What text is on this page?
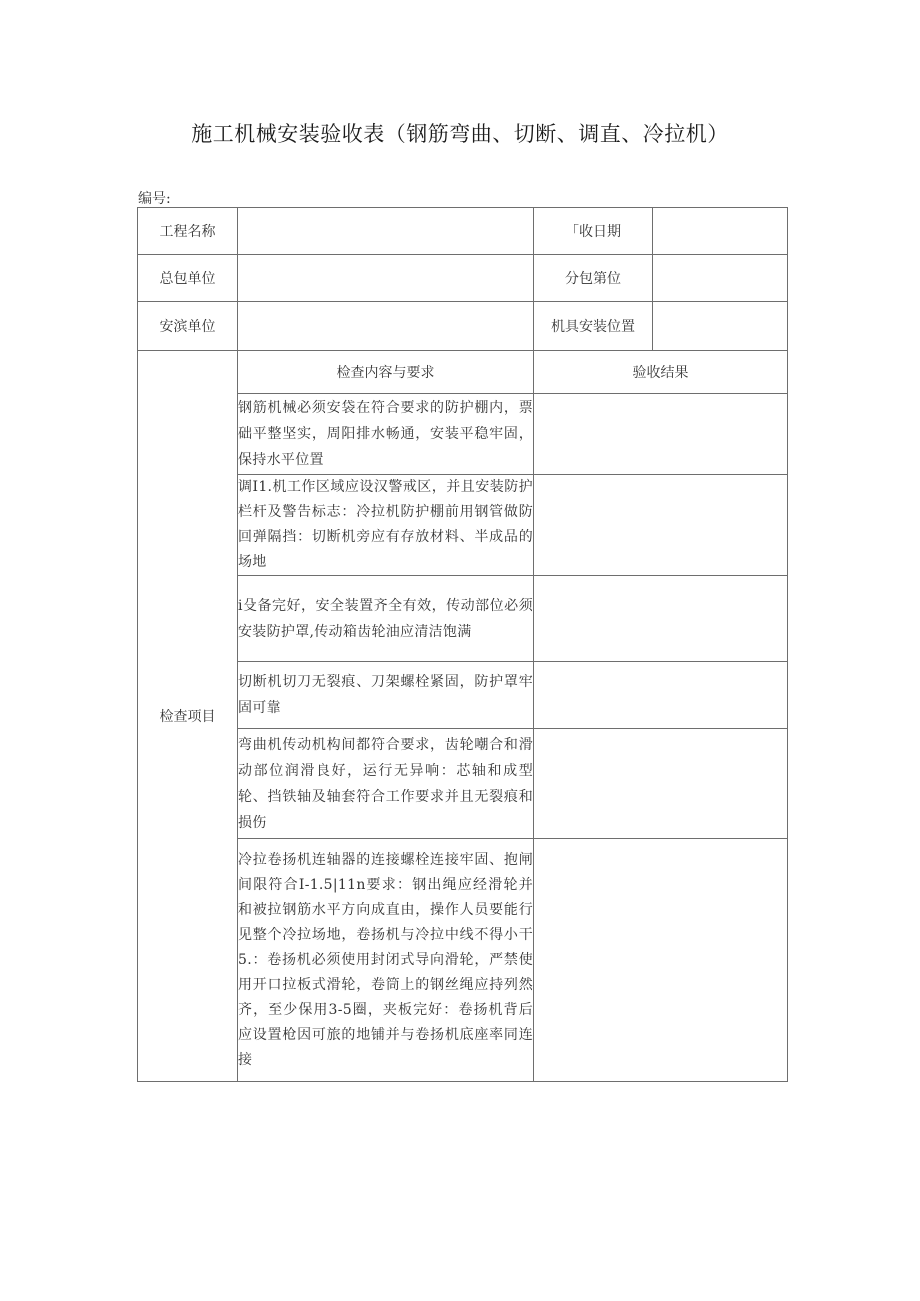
施工机械安装验收表（钢筋弯曲、切断、调直、冷拉机）
编号:
工程名称		「收日期	
总包单位		分包第位	
安滨单位		机具安装位置	
检查项目	检查内容与要求	验收结果	
	钢筋机械必须安袋在符合要求的防护棚内，票础平整坚实，周阳排水畅通，安装平稳牢固，保持水平位置		
	调I1.机工作区域应设汉警戒区，并且安装防护栏杆及警告标志：冷拉机防护棚前用钢管做防回弹隔挡：切断机旁应有存放材料、半成品的场地		
	i殳备完好，安全装置齐全有效，传动部位必须安装防护罩,传动箱齿轮油应清洁饱满		
	切断机切刀无裂痕、刀架螺栓紧固，防护罩牢固可靠		
	弯曲机传动机构间都符合要求，齿轮嘲合和滑动部位润滑良好，运行无异响：芯轴和成型轮、挡铁轴及轴套符合工作要求并且无裂痕和损伤		
	冷拉卷扬机连轴器的连接螺栓连接牢固、抱闸间限符合I-1.5|11n要求：钢出绳应经滑轮并和被拉钢筋水平方向成直由，操作人员要能行见整个冷拉场地，卷扬机与冷拉中线不得小干5.：卷扬机必须使用封闭式导向滑轮，严禁使用开口拉板式滑轮，卷筒上的钢丝绳应持列然齐，至少保用3-5圈，夹板完好：卷扬机背后应设置枪因可旅的地铺并与卷扬机底座率同连接		
